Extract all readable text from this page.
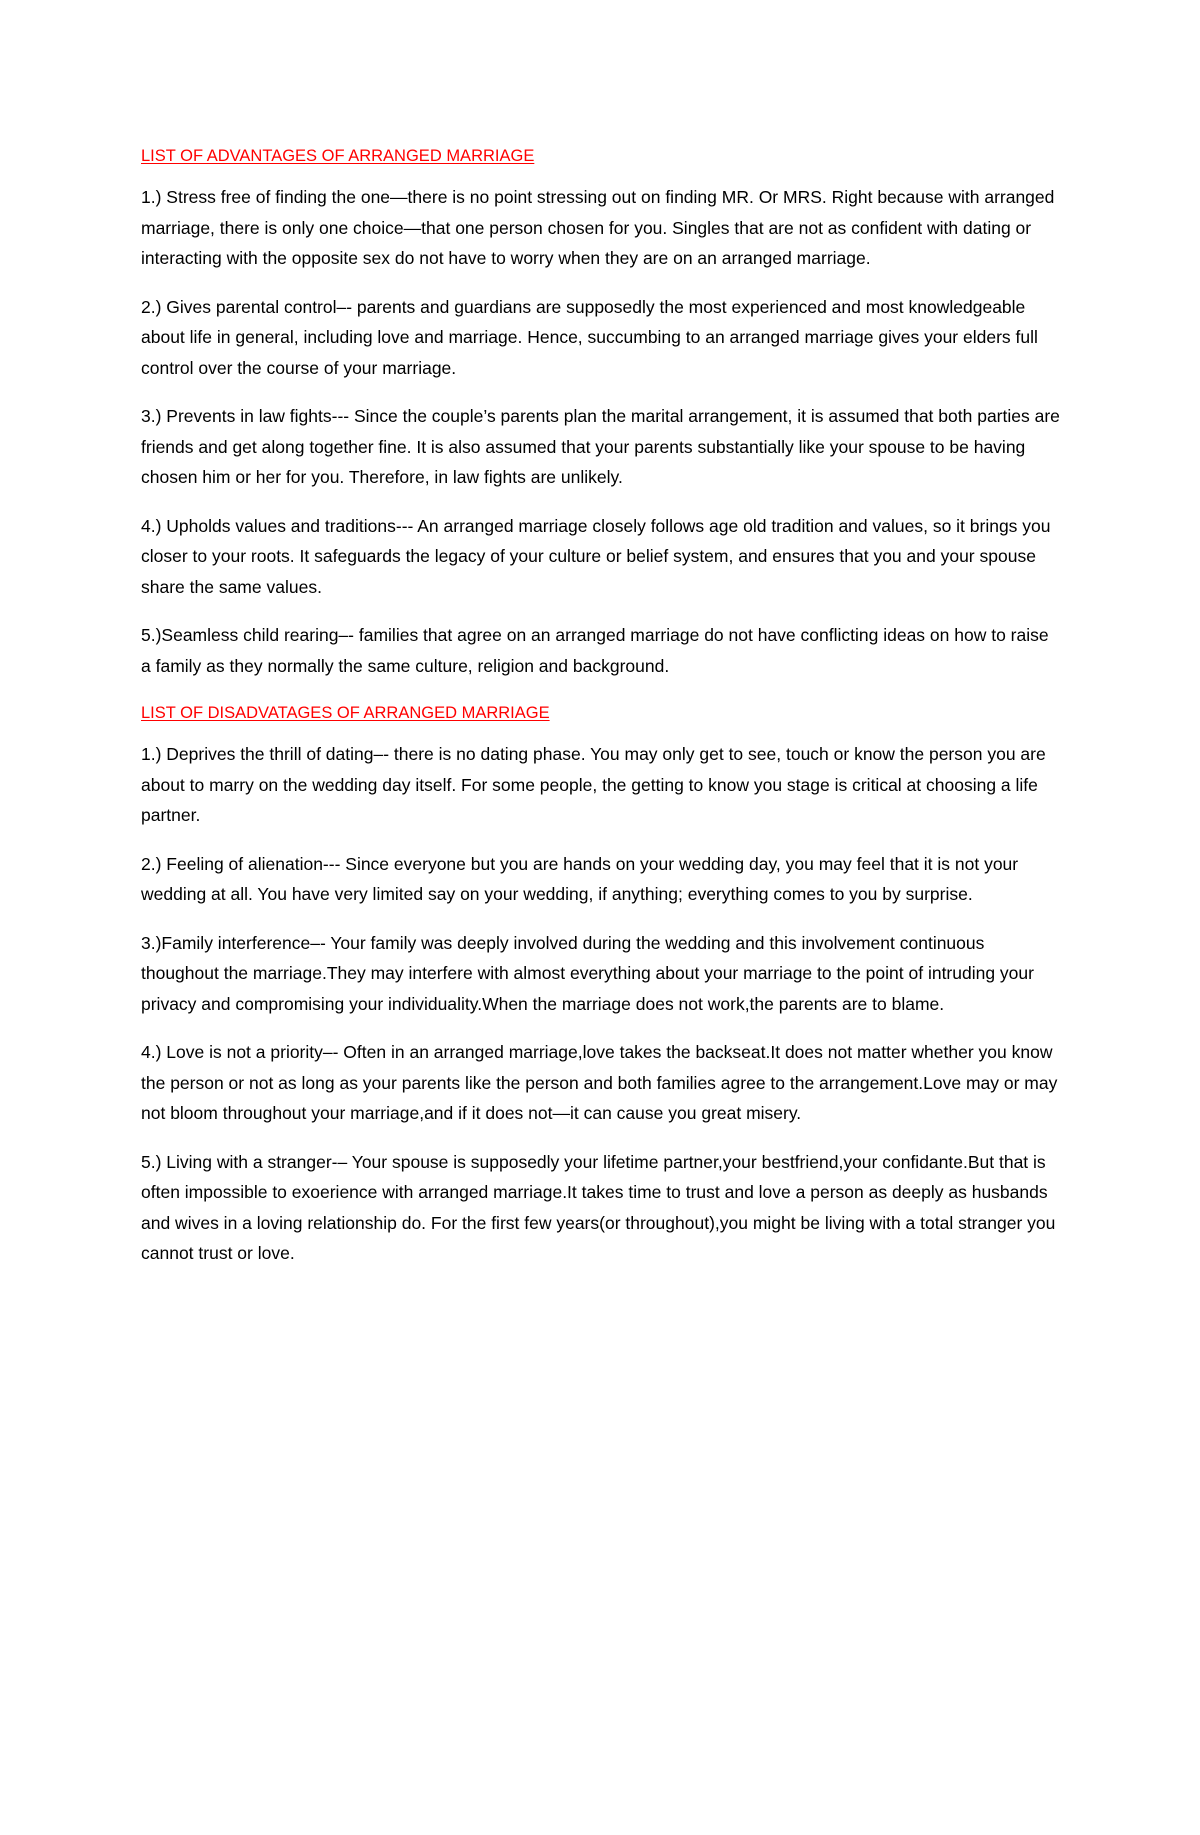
LIST OF ADVANTAGES OF ARRANGED MARRIAGE

1.) Stress free of finding the one—there is no point stressing out on finding MR. Or MRS. Right because with arranged marriage, there is only one choice—that one person chosen for you. Singles that are not as confident with dating or interacting with the opposite sex do not have to worry when they are on an arranged marriage.

2.) Gives parental control–- parents and guardians are supposedly the most experienced and most knowledgeable about life in general, including love and marriage. Hence, succumbing to an arranged marriage gives your elders full control over the course of your marriage.

3.) Prevents in law fights--- Since the couple’s parents plan the marital arrangement, it is assumed that both parties are friends and get along together fine. It is also assumed that your parents substantially like your spouse to be having chosen him or her for you. Therefore, in law fights are unlikely.

4.) Upholds values and traditions--- An arranged marriage closely follows age old tradition and values, so it brings you closer to your roots. It safeguards the legacy of your culture or belief system, and ensures that you and your spouse share the same values.

5.)Seamless child rearing–- families that agree on an arranged marriage do not have conflicting ideas on how to raise a family as they normally the same culture, religion and background.

LIST OF DISADVATAGES OF ARRANGED MARRIAGE

1.) Deprives the thrill of dating–- there is no dating phase. You may only get to see, touch or know the person you are about to marry on the wedding day itself. For some people, the getting to know you stage is critical at choosing a life partner.

2.) Feeling of alienation--- Since everyone but you are hands on your wedding day, you may feel that it is not your wedding at all. You have very limited say on your wedding, if anything; everything comes to you by surprise.

3.)Family interference–- Your family was deeply involved during the wedding and this involvement continuous thoughout the marriage.They may interfere with almost everything about your marriage to the point of intruding your privacy and compromising your individuality.When the marriage does not work,the parents are to blame.

4.) Love is not a priority–- Often in an arranged marriage,love takes the backseat.It does not matter whether you know the person or not as long as your parents like the person and both families agree to the arrangement.Love may or may not bloom throughout your marriage,and if it does not—it can cause you great misery.

5.) Living with a stranger-– Your spouse is supposedly your lifetime partner,your bestfriend,your confidante.But that is often impossible to exoerience with arranged marriage.It takes time to trust and love a person as deeply as husbands and wives in a loving relationship do. For the first few years(or throughout),you might be living with a total stranger you cannot trust or love.
